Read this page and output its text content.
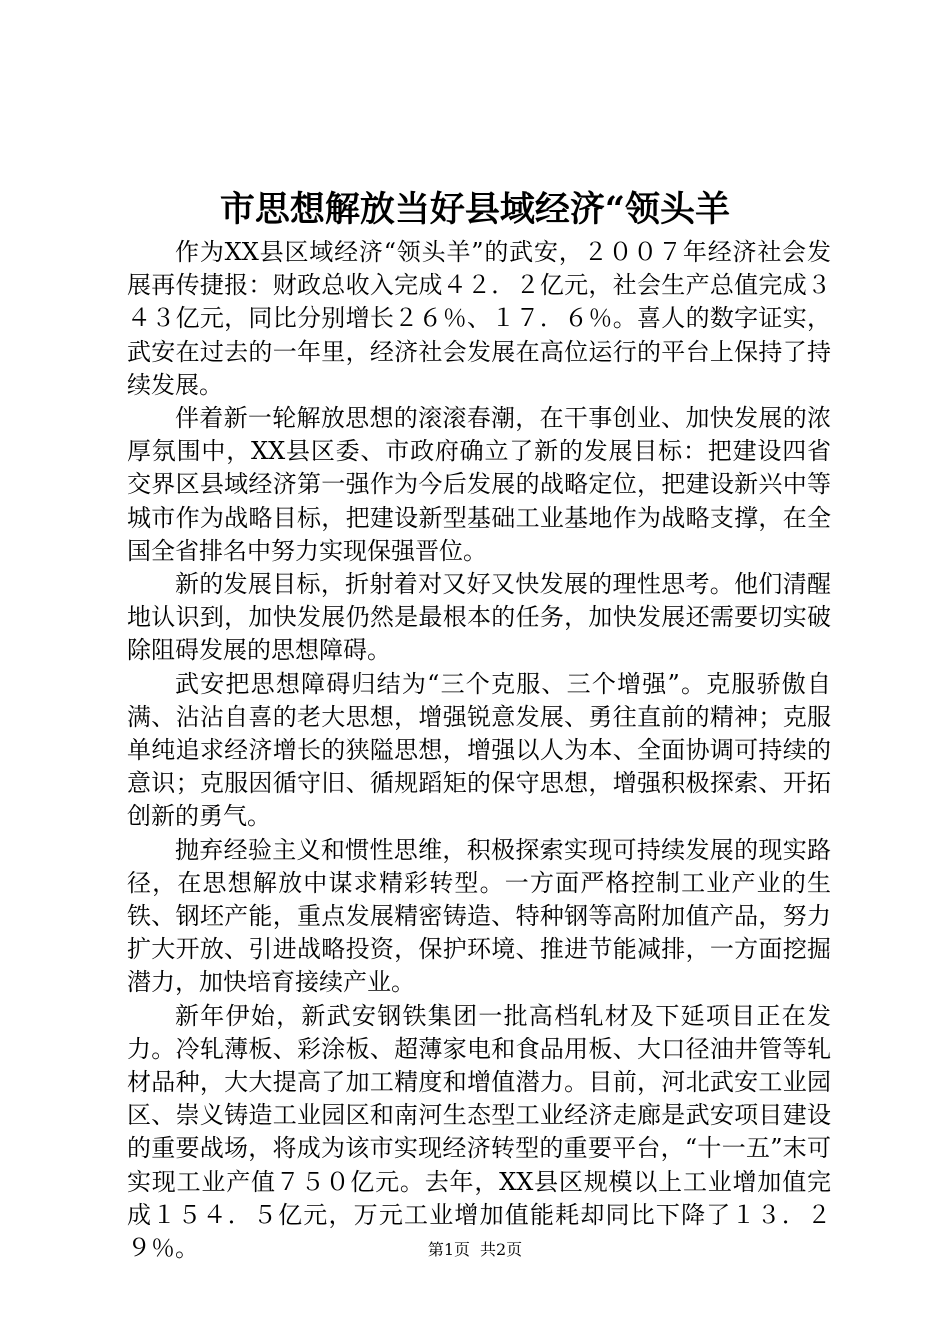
市思想解放当好县域经济“领头羊

作为XX县区域经济“领头羊”的武安，２００７年经济社会发展再传捷报：财政总收入完成４２．２亿元，社会生产总值完成３４３亿元，同比分别增长２６％、１７．６％。喜人的数字证实，武安在过去的一年里，经济社会发展在高位运行的平台上保持了持续发展。

伴着新一轮解放思想的滚滚春潮，在干事创业、加快发展的浓厚氛围中，XX县区委、市政府确立了新的发展目标：把建设四省交界区县域经济第一强作为今后发展的战略定位，把建设新兴中等城市作为战略目标，把建设新型基础工业基地作为战略支撑，在全国全省排名中努力实现保强晋位。

新的发展目标，折射着对又好又快发展的理性思考。他们清醒地认识到，加快发展仍然是最根本的任务，加快发展还需要切实破除阻碍发展的思想障碍。

武安把思想障碍归结为“三个克服、三个增强”。克服骄傲自满、沾沾自喜的老大思想，增强锐意发展、勇往直前的精神；克服单纯追求经济增长的狭隘思想，增强以人为本、全面协调可持续的意识；克服因循守旧、循规蹈矩的保守思想，增强积极探索、开拓创新的勇气。

抛弃经验主义和惯性思维，积极探索实现可持续发展的现实路径，在思想解放中谋求精彩转型。一方面严格控制工业产业的生铁、钢坯产能，重点发展精密铸造、特种钢等高附加值产品，努力扩大开放、引进战略投资，保护环境、推进节能减排，一方面挖掘潜力，加快培育接续产业。

新年伊始，新武安钢铁集团一批高档轧材及下延项目正在发力。冷轧薄板、彩涂板、超薄家电和食品用板、大口径油井管等轧材品种，大大提高了加工精度和增值潜力。目前，河北武安工业园区、崇义铸造工业园区和南河生态型工业经济走廊是武安项目建设的重要战场，将成为该市实现经济转型的重要平台，“十一五”末可实现工业产值７５０亿元。去年，XX县区规模以上工业增加值完成１５４．５亿元，万元工业增加值能耗却同比下降了１３．２９％。	第1页 共2页
